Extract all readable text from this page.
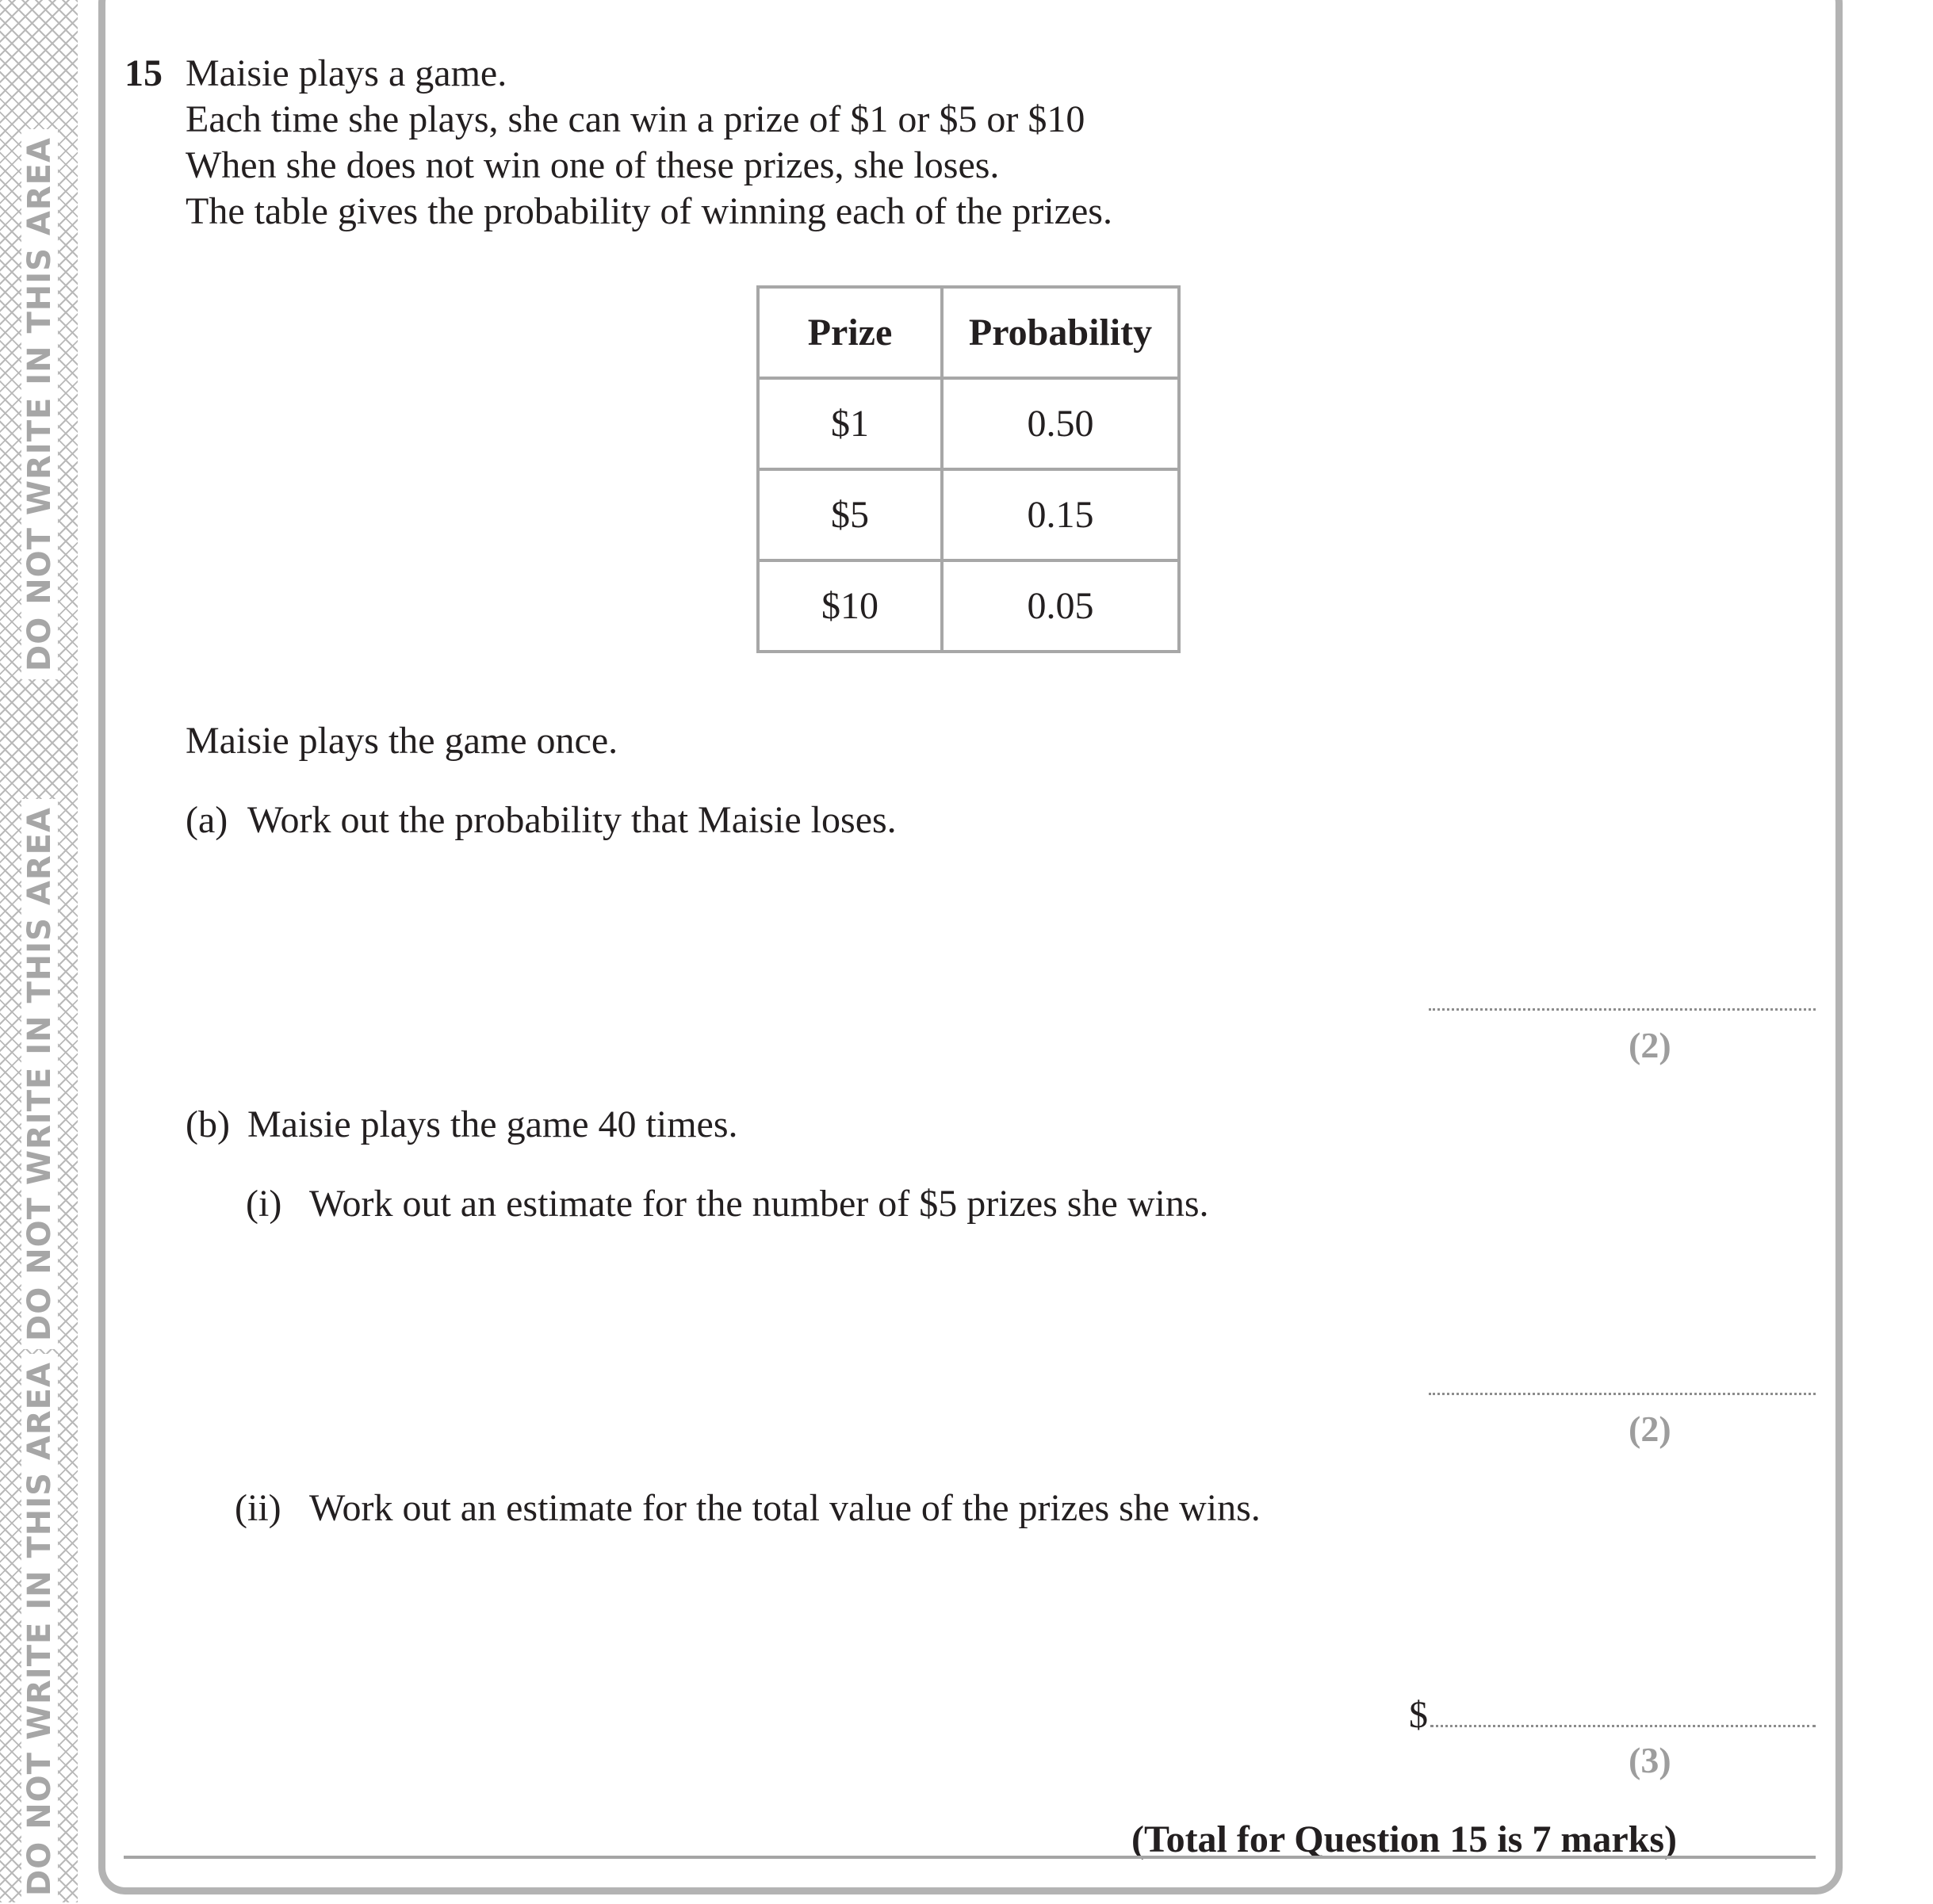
DO NOT WRITE IN THIS AREA
DO NOT WRITE IN THIS AREA
DO NOT WRITE IN THIS AREA
15 Maisie plays a game.
Each time she plays, she can win a prize of $1 or $5 or $10
When she does not win one of these prizes, she loses.
The table gives the probability of winning each of the prizes.
Prize	Probability
$1	0.50
$5	0.15
$10	0.05
Maisie plays the game once.
(a) Work out the probability that Maisie loses.
(2)
(b) Maisie plays the game 40 times.
(i) Work out an estimate for the number of $5 prizes she wins.
(2)
(ii) Work out an estimate for the total value of the prizes she wins.
$
(3)
(Total for Question 15 is 7 marks)
